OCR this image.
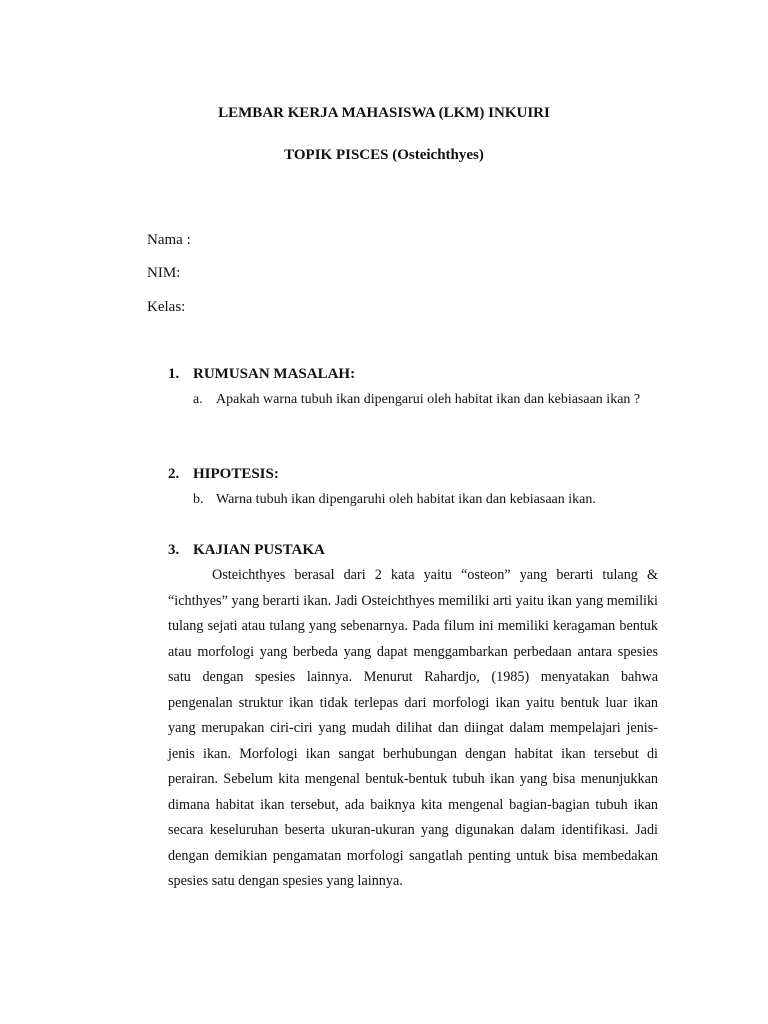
LEMBAR KERJA MAHASISWA (LKM) INKUIRI
TOPIK PISCES (Osteichthyes)
Nama :
NIM:
Kelas:
1. RUMUSAN MASALAH:
a. Apakah warna tubuh ikan dipengarui oleh habitat ikan dan kebiasaan ikan ?
2. HIPOTESIS:
b. Warna tubuh ikan dipengaruhi oleh habitat ikan dan kebiasaan ikan.
3. KAJIAN PUSTAKA

Osteichthyes berasal dari 2 kata yaitu “osteon” yang berarti tulang & “ichthyes” yang berarti ikan. Jadi Osteichthyes memiliki arti yaitu ikan yang memiliki tulang sejati atau tulang yang sebenarnya. Pada filum ini memiliki keragaman bentuk atau morfologi yang berbeda yang dapat menggambarkan perbedaan antara spesies satu dengan spesies lainnya. Menurut Rahardjo, (1985) menyatakan bahwa pengenalan struktur ikan tidak terlepas dari morfologi ikan yaitu bentuk luar ikan yang merupakan ciri-ciri yang mudah dilihat dan diingat dalam mempelajari jenis-jenis ikan. Morfologi ikan sangat berhubungan dengan habitat ikan tersebut di perairan. Sebelum kita mengenal bentuk-bentuk tubuh ikan yang bisa menunjukkan dimana habitat ikan tersebut, ada baiknya kita mengenal bagian-bagian tubuh ikan secara keseluruhan beserta ukuran-ukuran yang digunakan dalam identifikasi. Jadi dengan demikian pengamatan morfologi sangatlah penting untuk bisa membedakan spesies satu dengan spesies yang lainnya.
